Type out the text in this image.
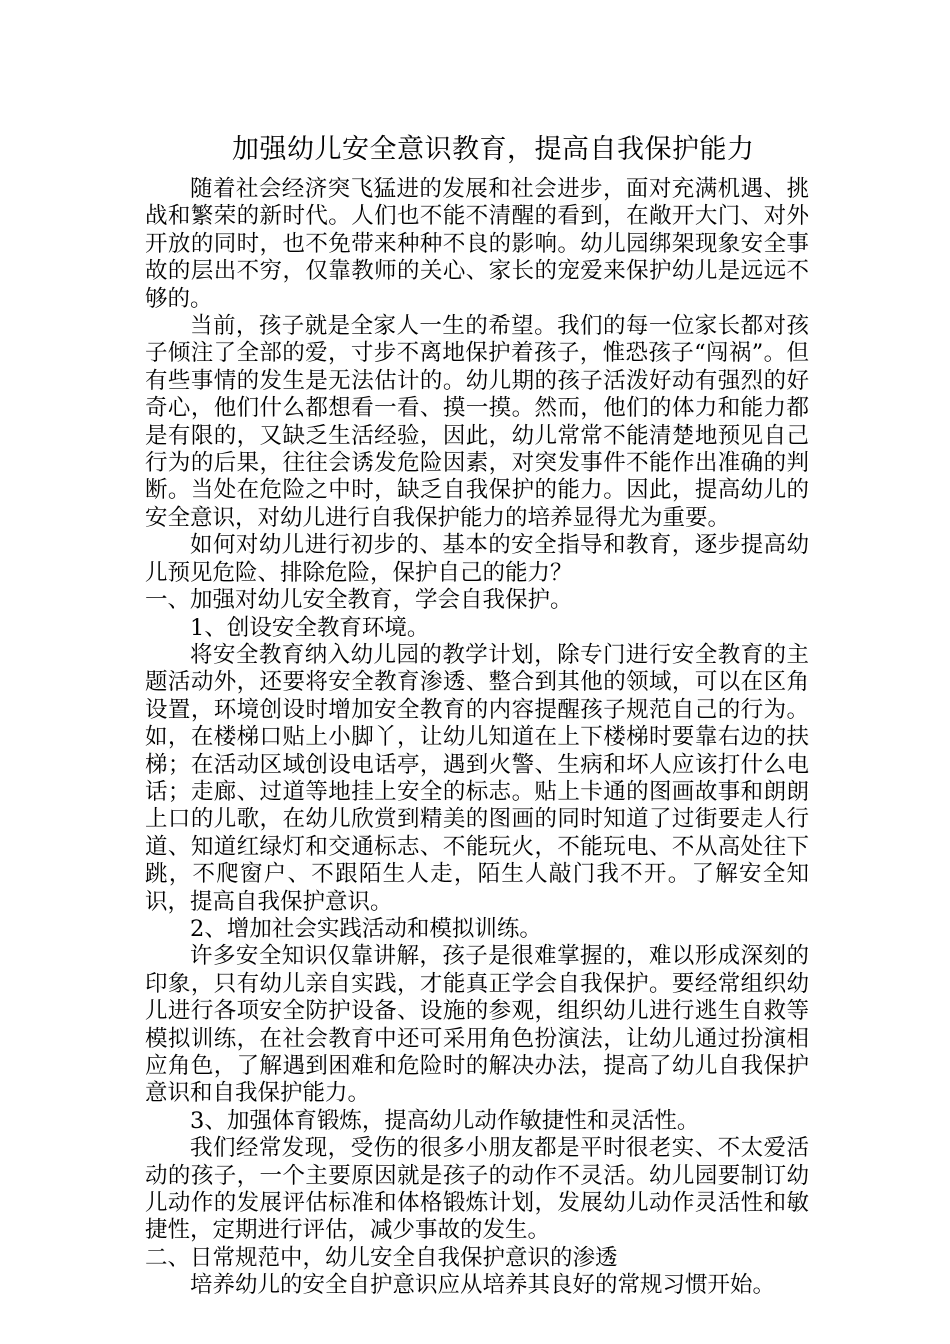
加强幼儿安全意识教育，提高自我保护能力

随着社会经济突飞猛进的发展和社会进步，面对充满机遇、挑战和繁荣的新时代。人们也不能不清醒的看到，在敞开大门、对外开放的同时，也不免带来种种不良的影响。幼儿园绑架现象安全事故的层出不穷，仅靠教师的关心、家长的宠爱来保护幼儿是远远不够的。

当前，孩子就是全家人一生的希望。我们的每一位家长都对孩子倾注了全部的爱，寸步不离地保护着孩子，惟恐孩子“闯祸”。但有些事情的发生是无法估计的。幼儿期的孩子活泼好动有强烈的好奇心，他们什么都想看一看、摸一摸。然而，他们的体力和能力都是有限的，又缺乏生活经验，因此，幼儿常常不能清楚地预见自己行为的后果，往往会诱发危险因素，对突发事件不能作出准确的判断。当处在危险之中时，缺乏自我保护的能力。因此，提高幼儿的安全意识，对幼儿进行自我保护能力的培养显得尤为重要。

如何对幼儿进行初步的、基本的安全指导和教育，逐步提高幼儿预见危险、排除危险，保护自己的能力？

一、加强对幼儿安全教育，学会自我保护。

1、创设安全教育环境。

将安全教育纳入幼儿园的教学计划，除专门进行安全教育的主题活动外，还要将安全教育渗透、整合到其他的领域，可以在区角设置，环境创设时增加安全教育的内容提醒孩子规范自己的行为。如，在楼梯口贴上小脚丫，让幼儿知道在上下楼梯时要靠右边的扶梯；在活动区域创设电话亭，遇到火警、生病和坏人应该打什么电话；走廊、过道等地挂上安全的标志。贴上卡通的图画故事和朗朗上口的儿歌，在幼儿欣赏到精美的图画的同时知道了过街要走人行道、知道红绿灯和交通标志、不能玩火，不能玩电、不从高处往下跳，不爬窗户、不跟陌生人走，陌生人敲门我不开。了解安全知识，提高自我保护意识。

2、增加社会实践活动和模拟训练。

许多安全知识仅靠讲解，孩子是很难掌握的，难以形成深刻的印象，只有幼儿亲自实践，才能真正学会自我保护。要经常组织幼儿进行各项安全防护设备、设施的参观，组织幼儿进行逃生自救等模拟训练，在社会教育中还可采用角色扮演法，让幼儿通过扮演相应角色，了解遇到困难和危险时的解决办法，提高了幼儿自我保护意识和自我保护能力。

3、加强体育锻炼，提高幼儿动作敏捷性和灵活性。

我们经常发现，受伤的很多小朋友都是平时很老实、不太爱活动的孩子，一个主要原因就是孩子的动作不灵活。幼儿园要制订幼儿动作的发展评估标准和体格锻炼计划，发展幼儿动作灵活性和敏捷性，定期进行评估，减少事故的发生。

二、日常规范中，幼儿安全自我保护意识的渗透

培养幼儿的安全自护意识应从培养其良好的常规习惯开始。
